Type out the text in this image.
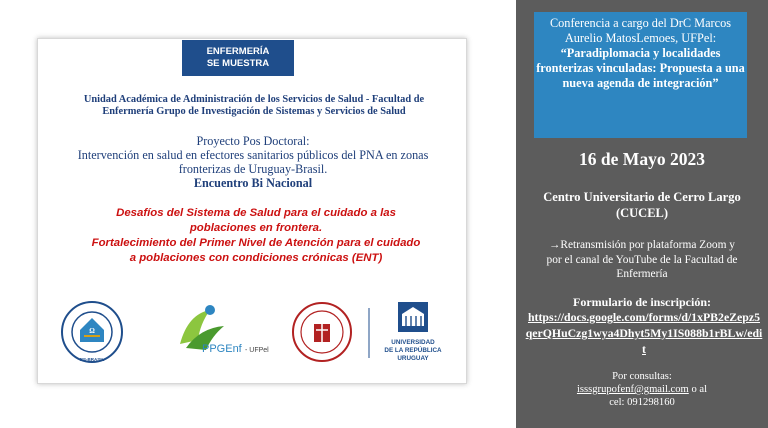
ENFERMERÍA
SE MUESTRA
Unidad Académica de Administración de los Servicios de Salud - Facultad de Enfermería Grupo de Investigación de Sistemas y Servicios de Salud
Proyecto Pos Doctoral:
Intervención en salud en efectores sanitarios públicos del PNA en zonas fronterizas de Uruguay-Brasil.
Encuentro Bi Nacional
Desafíos del Sistema de Salud para el cuidado a las poblaciones en frontera.
Fortalecimiento del Primer Nivel de Atención para el cuidado a poblaciones con condiciones crónicas (ENT)
Ω
RS-BRASIL
PPGEnf - UFPel
UNIVERSIDAD
DE LA REPÚBLICA
URUGUAY
Conferencia a cargo del DrC Marcos Aurelio MatosLemoes, UFPel:
“Paradiplomacia y localidades fronterizas vinculadas: Propuesta a una nueva agenda de integración”
16 de Mayo 2023
Centro Universitario de Cerro Largo (CUCEL)
→Retransmisión por plataforma Zoom y por el canal de YouTube de la Facultad de Enfermería
Formulario de inscripción:
https://docs.google.com/forms/d/1xPB2eZepz5qerQHuCzg1wya4Dhyt5My1IS088b1rBLw/edit
Por consultas:
isssgrupofenf@gmail.com o al
cel: 091298160
